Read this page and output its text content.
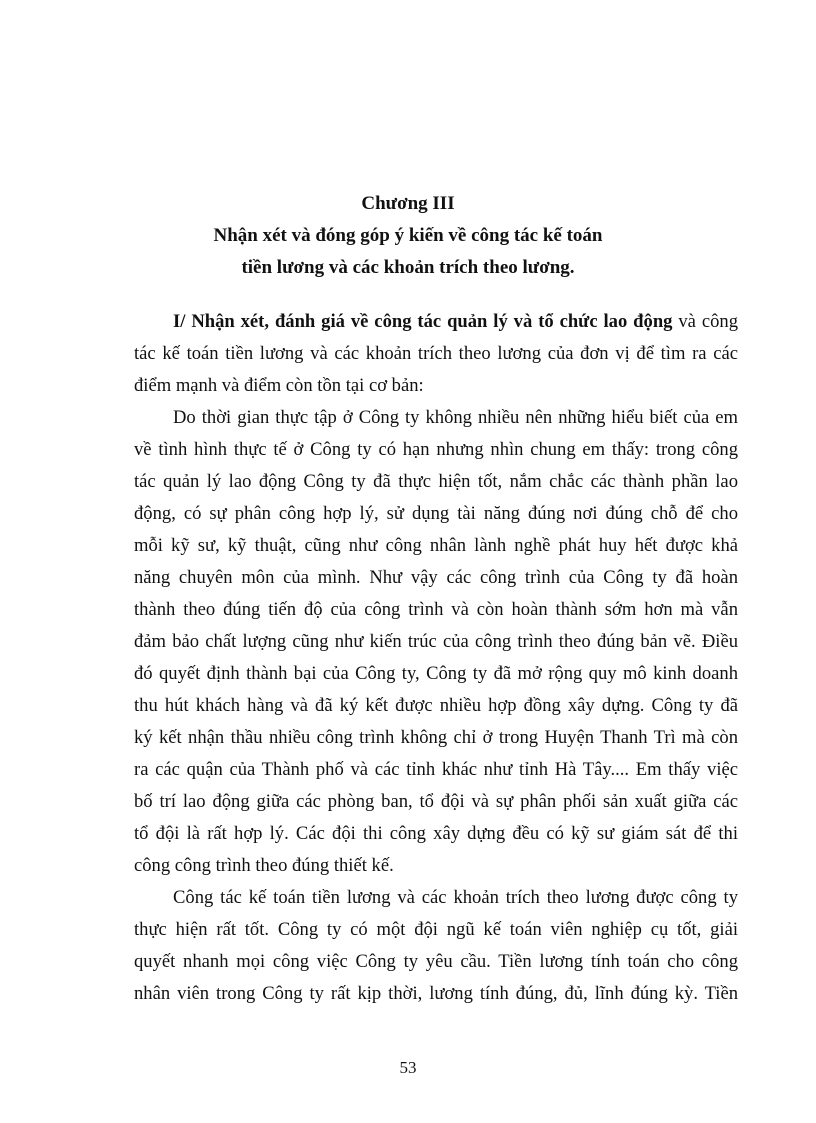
Chương III
Nhận xét và đóng góp ý kiến về công tác kế toán
tiền lương và các khoản trích theo lương.
I/ Nhận xét, đánh giá về công tác quản lý và tổ chức lao động và công
tác kế toán tiền lương và các khoản trích theo lương của đơn vị để tìm ra các
điểm mạnh và điểm còn tồn tại cơ bản:
Do thời gian thực tập ở Công ty không nhiều nên những hiểu biết của em
về tình hình thực tế ở Công ty có hạn nhưng nhìn chung em thấy: trong công
tác quản lý lao động Công ty đã thực hiện tốt, nắm chắc các thành phần lao
động, có sự phân công hợp lý, sử dụng tài năng đúng nơi đúng chỗ để cho
mỗi kỹ sư, kỹ thuật, cũng như công nhân lành nghề phát huy hết được khả
năng chuyên môn của mình. Như vậy các công trình của Công ty đã hoàn
thành theo đúng tiến độ của công trình và còn hoàn thành sớm hơn mà vẫn
đảm bảo chất lượng cũng như kiến trúc của công trình theo đúng bản vẽ. Điều
đó quyết định thành bại của Công ty, Công ty đã mở rộng quy mô kinh doanh
thu hút khách hàng và đã ký kết được nhiều hợp đồng xây dựng. Công ty đã
ký kết nhận thầu nhiều công trình không chỉ ở trong Huyện Thanh Trì mà còn
ra các quận của Thành phố và các tỉnh khác như tỉnh Hà Tây.... Em thấy việc
bố trí lao động giữa các phòng ban, tổ đội và sự phân phối sản xuất giữa các
tổ đội là rất hợp lý. Các đội thi công xây dựng đều có kỹ sư giám sát để thi
công công trình theo đúng thiết kế.
Công tác kế toán tiền lương và các khoản trích theo lương được công ty
thực hiện rất tốt. Công ty có một đội ngũ kế toán viên nghiệp cụ tốt, giải
quyết nhanh mọi công việc Công ty yêu cầu. Tiền lương tính toán cho công
nhân viên trong Công ty rất kịp thời, lương tính đúng, đủ, lĩnh đúng kỳ. Tiền
53
